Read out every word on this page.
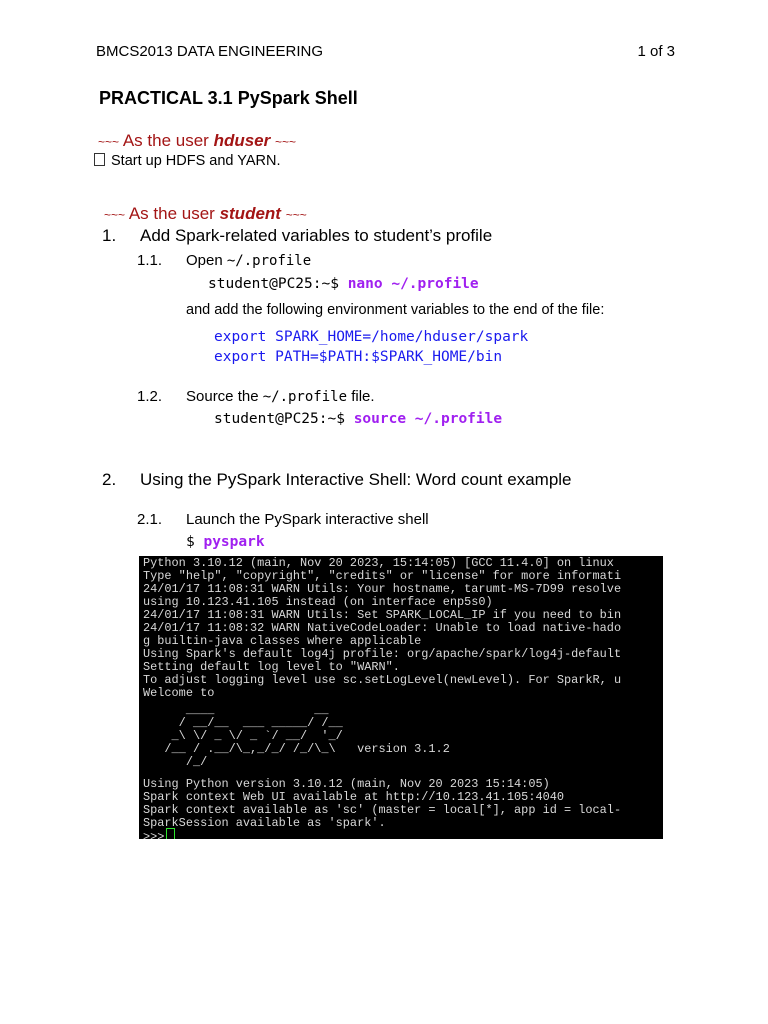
BMCS2013 DATA ENGINEERING	1 of 3
PRACTICAL 3.1 PySpark Shell
~~~ As the user hduser ~~~
Start up HDFS and YARN.
~~~ As the user student ~~~
1. Add Spark-related variables to student’s profile
1.1. Open ~/.profile
student@PC25:~$ nano ~/.profile
and add the following environment variables to the end of the file:
export SPARK_HOME=/home/hduser/spark
export PATH=$PATH:$SPARK_HOME/bin
1.2. Source the ~/.profile file.
student@PC25:~$ source ~/.profile
2. Using the PySpark Interactive Shell: Word count example
2.1. Launch the PySpark interactive shell
$ pyspark
Python 3.10.12 (main, Nov 20 2023, 15:14:05) [GCC 11.4.0] on linux
Type "help", "copyright", "credits" or "license" for more informati
24/01/17 11:08:31 WARN Utils: Your hostname, tarumt-MS-7D99 resolve
using 10.123.41.105 instead (on interface enp5s0)
24/01/17 11:08:31 WARN Utils: Set SPARK_LOCAL_IP if you need to bin
24/01/17 11:08:32 WARN NativeCodeLoader: Unable to load native-hado
g builtin-java classes where applicable
Using Spark's default log4j profile: org/apache/spark/log4j-default
Setting default log level to "WARN".
To adjust logging level use sc.setLogLevel(newLevel). For SparkR, u
Welcome to
____              __
/ __/__  ___ _____/ /__
_\ \/ _ \/ _ `/ __/  '_/
/__ / .__/\_,_/_/ /_/\_\   version 3.1.2
/_/
Using Python version 3.10.12 (main, Nov 20 2023 15:14:05)
Spark context Web UI available at http://10.123.41.105:4040
Spark context available as 'sc' (master = local[*], app id = local-
SparkSession available as 'spark'.
>>>
